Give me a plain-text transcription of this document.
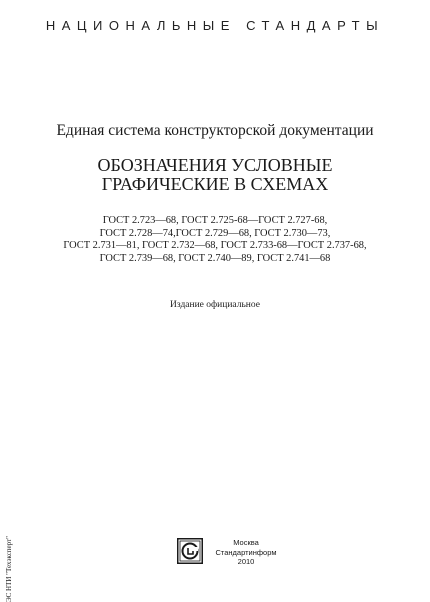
НАЦИОНАЛЬНЫЕ СТАНДАРТЫ
Единая система конструкторской документации
ОБОЗНАЧЕНИЯ УСЛОВНЫЕ
ГРАФИЧЕСКИЕ В СХЕМАХ
ГОСТ 2.723—68, ГОСТ 2.725-68—ГОСТ 2.727-68,
ГОСТ 2.728—74,ГОСТ 2.729—68, ГОСТ 2.730—73,
ГОСТ 2.731—81, ГОСТ 2.732—68, ГОСТ 2.733-68—ГОСТ 2.737-68,
ГОСТ 2.739—68, ГОСТ 2.740—89, ГОСТ 2.741—68
Издание официальное
ЭС НТИ "Техэксперт"	Москва
Стандартинформ
2010
